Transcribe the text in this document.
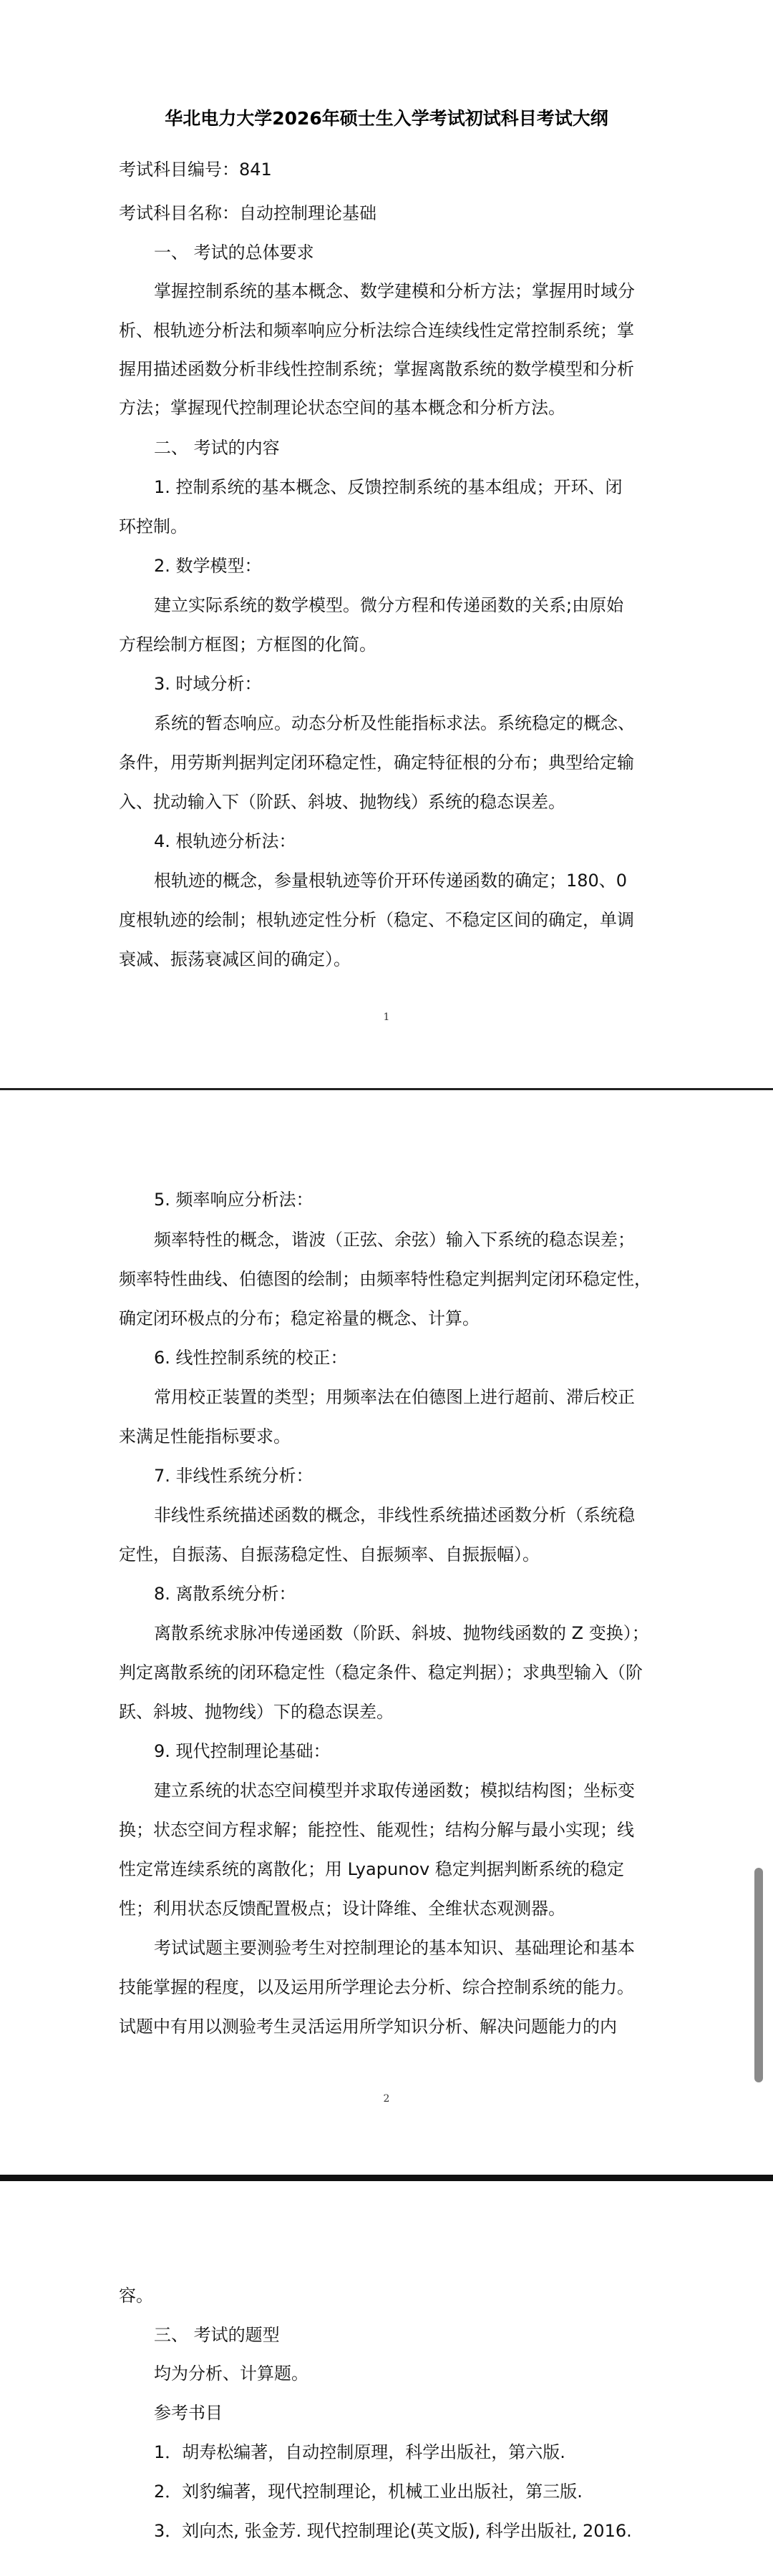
华北电力大学2026年硕士生入学考试初试科目考试大纲
考试科目编号：841
考试科目名称：自动控制理论基础
一、 考试的总体要求
掌握控制系统的基本概念、数学建模和分析方法；掌握用时域分
析、根轨迹分析法和频率响应分析法综合连续线性定常控制系统；掌
握用描述函数分析非线性控制系统；掌握离散系统的数学模型和分析
方法；掌握现代控制理论状态空间的基本概念和分析方法。
二、 考试的内容
1. 控制系统的基本概念、反馈控制系统的基本组成；开环、闭
环控制。
2. 数学模型：
建立实际系统的数学模型。微分方程和传递函数的关系;由原始
方程绘制方框图；方框图的化简。
3. 时域分析：
系统的暂态响应。动态分析及性能指标求法。系统稳定的概念、
条件，用劳斯判据判定闭环稳定性，确定特征根的分布；典型给定输
入、扰动输入下（阶跃、斜坡、抛物线）系统的稳态误差。
4. 根轨迹分析法：
根轨迹的概念，参量根轨迹等价开环传递函数的确定；180、0
度根轨迹的绘制；根轨迹定性分析（稳定、不稳定区间的确定，单调
衰减、振荡衰减区间的确定）。
1
5. 频率响应分析法：
频率特性的概念，谐波（正弦、余弦）输入下系统的稳态误差；
频率特性曲线、伯德图的绘制；由频率特性稳定判据判定闭环稳定性，
确定闭环极点的分布；稳定裕量的概念、计算。
6. 线性控制系统的校正：
常用校正装置的类型；用频率法在伯德图上进行超前、滞后校正
来满足性能指标要求。
7. 非线性系统分析：
非线性系统描述函数的概念，非线性系统描述函数分析（系统稳
定性，自振荡、自振荡稳定性、自振频率、自振振幅）。
8. 离散系统分析：
离散系统求脉冲传递函数（阶跃、斜坡、抛物线函数的 Z 变换）；
判定离散系统的闭环稳定性（稳定条件、稳定判据）；求典型输入（阶
跃、斜坡、抛物线）下的稳态误差。
9. 现代控制理论基础：
建立系统的状态空间模型并求取传递函数；模拟结构图；坐标变
换；状态空间方程求解；能控性、能观性；结构分解与最小实现；线
性定常连续系统的离散化；用 Lyapunov 稳定判据判断系统的稳定
性；利用状态反馈配置极点；设计降维、全维状态观测器。
考试试题主要测验考生对控制理论的基本知识、基础理论和基本
技能掌握的程度，以及运用所学理论去分析、综合控制系统的能力。
试题中有用以测验考生灵活运用所学知识分析、解决问题能力的内
2
容。
三、 考试的题型
均为分析、计算题。
参考书目
1．胡寿松编著，自动控制原理，科学出版社，第六版.
2．刘豹编著，现代控制理论，机械工业出版社，第三版.
3．刘向杰, 张金芳. 现代控制理论(英文版), 科学出版社, 2016.
